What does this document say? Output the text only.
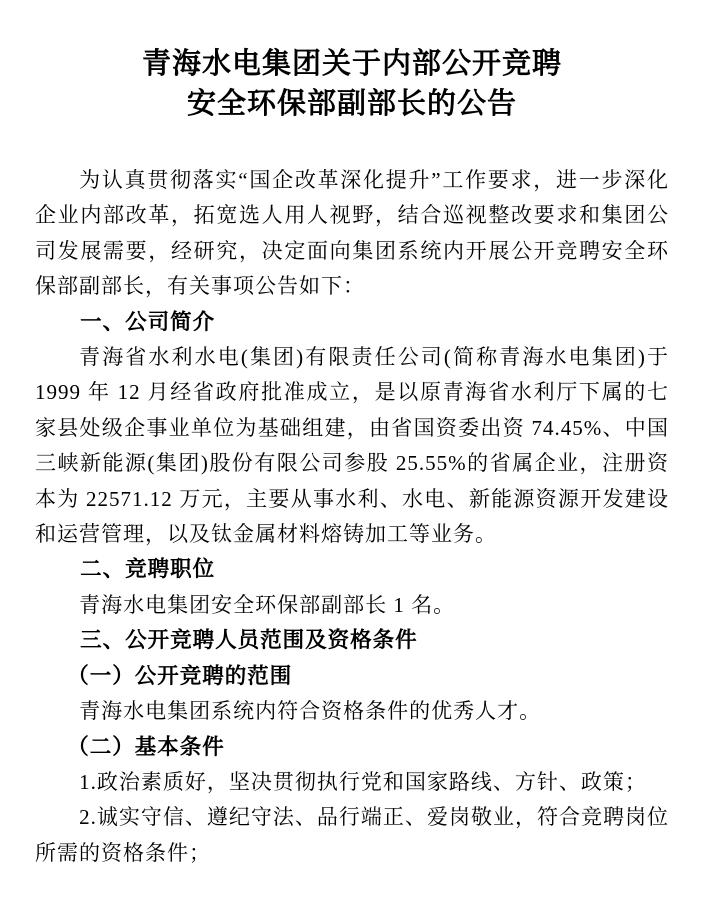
青海水电集团关于内部公开竞聘
安全环保部副部长的公告

为认真贯彻落实“国企改革深化提升”工作要求，进一步深化企业内部改革，拓宽选人用人视野，结合巡视整改要求和集团公司发展需要，经研究，决定面向集团系统内开展公开竞聘安全环保部副部长，有关事项公告如下：

一、公司简介

青海省水利水电(集团)有限责任公司(简称青海水电集团)于 1999 年 12 月经省政府批准成立，是以原青海省水利厅下属的七家县处级企事业单位为基础组建，由省国资委出资 74.45%、中国三峡新能源(集团)股份有限公司参股 25.55%的省属企业，注册资本为 22571.12 万元，主要从事水利、水电、新能源资源开发建设和运营管理，以及钛金属材料熔铸加工等业务。

二、竞聘职位

青海水电集团安全环保部副部长 1 名。

三、公开竞聘人员范围及资格条件

（一）公开竞聘的范围

青海水电集团系统内符合资格条件的优秀人才。

（二）基本条件

1.政治素质好，坚决贯彻执行党和国家路线、方针、政策；

2.诚实守信、遵纪守法、品行端正、爱岗敬业，符合竞聘岗位所需的资格条件；
